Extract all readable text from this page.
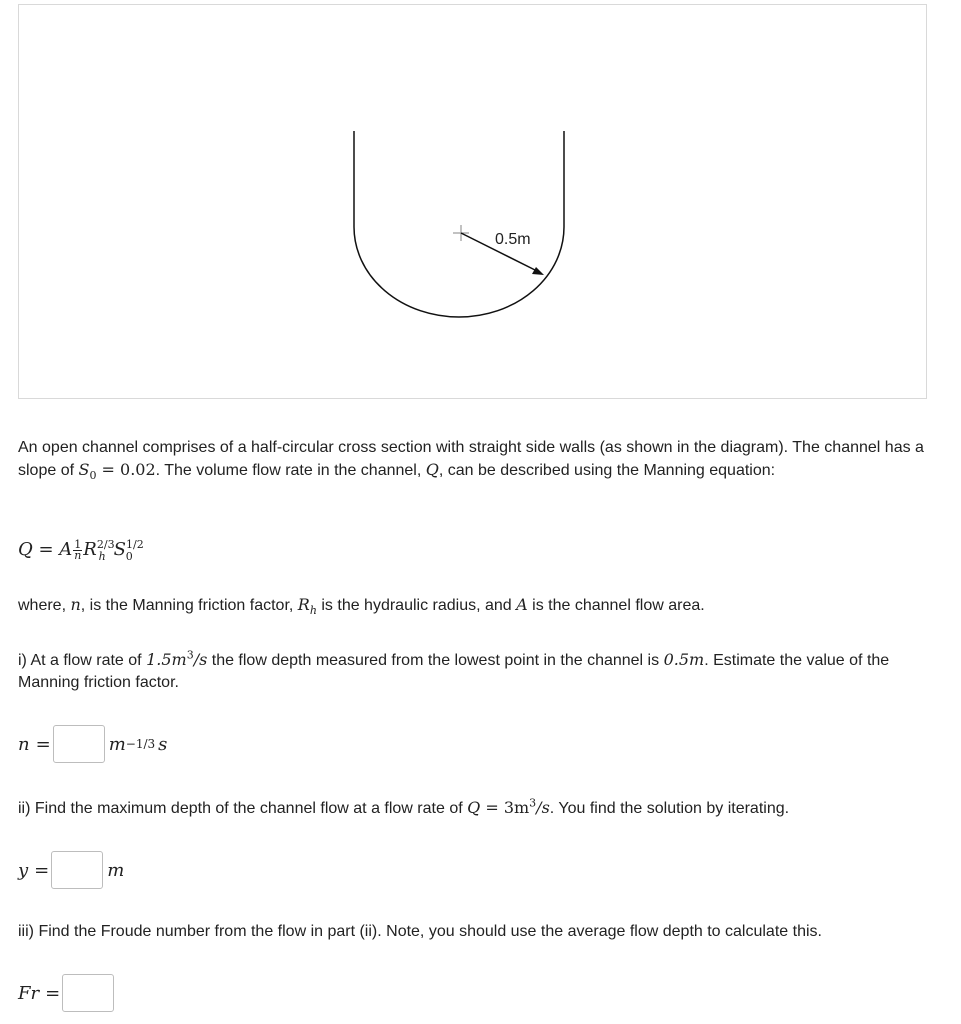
0.5m
An open channel comprises of a half-circular cross section with straight side walls (as shown in the diagram). The channel has a slope of $S_0 = 0.02$. The volume flow rate in the channel, Q, can be described using the Manning equation:
Q = A $\frac{1}{n} R^{2/3}_h$ $S^{1/2}_0$
where, n, is the Manning friction factor, $R_h$ is the hydraulic radius, and A is the channel flow area.
i) At a flow rate of $1.5m^3/s$ the flow depth measured from the lowest point in the channel is 0.5m. Estimate the value of the Manning friction factor.
n =	m −1/3 s
ii) Find the maximum depth of the channel flow at a flow rate of $Q = 3m^3/s$. You find the solution by iterating.
y =	m
iii) Find the Froude number from the flow in part (ii). Note, you should use the average flow depth to calculate this.
Fr =
